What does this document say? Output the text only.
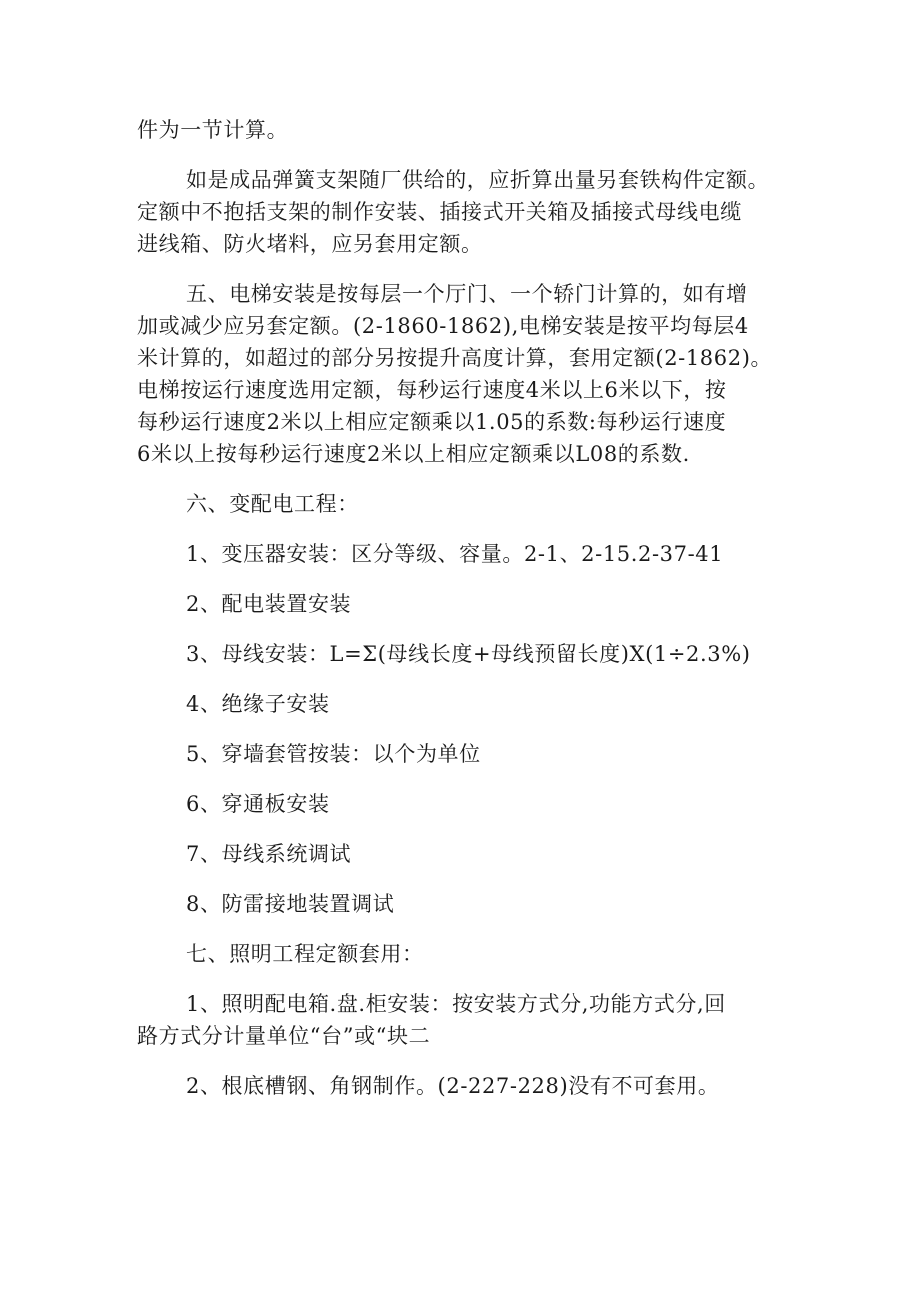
件为一节计算。

如是成品弹簧支架随厂供给的，应折算出量另套铁构件定额。
定额中不抱括支架的制作安装、插接式开关箱及插接式母线电缆
进线箱、防火堵料，应另套用定额。

五、电梯安装是按每层一个厅门、一个轿门计算的，如有增
加或减少应另套定额。(2-1860-1862),电梯安装是按平均每层4
米计算的，如超过的部分另按提升高度计算，套用定额(2-1862)。
电梯按运行速度选用定额，每秒运行速度4米以上6米以下，按
每秒运行速度2米以上相应定额乘以1.05的系数:每秒运行速度
6米以上按每秒运行速度2米以上相应定额乘以L08的系数.

六、变配电工程：

1、变压器安装：区分等级、容量。2-1、2-15.2-37-41

2、配电装置安装

3、母线安装：L=Σ(母线长度+母线预留长度)X(1÷2.3%)

4、绝缘子安装

5、穿墙套管按装：以个为单位

6、穿通板安装

7、母线系统调试

8、防雷接地装置调试

七、照明工程定额套用：

1、照明配电箱.盘.柜安装：按安装方式分,功能方式分,回
路方式分计量单位“台”或“块二

2、根底槽钢、角钢制作。(2-227-228)没有不可套用。
